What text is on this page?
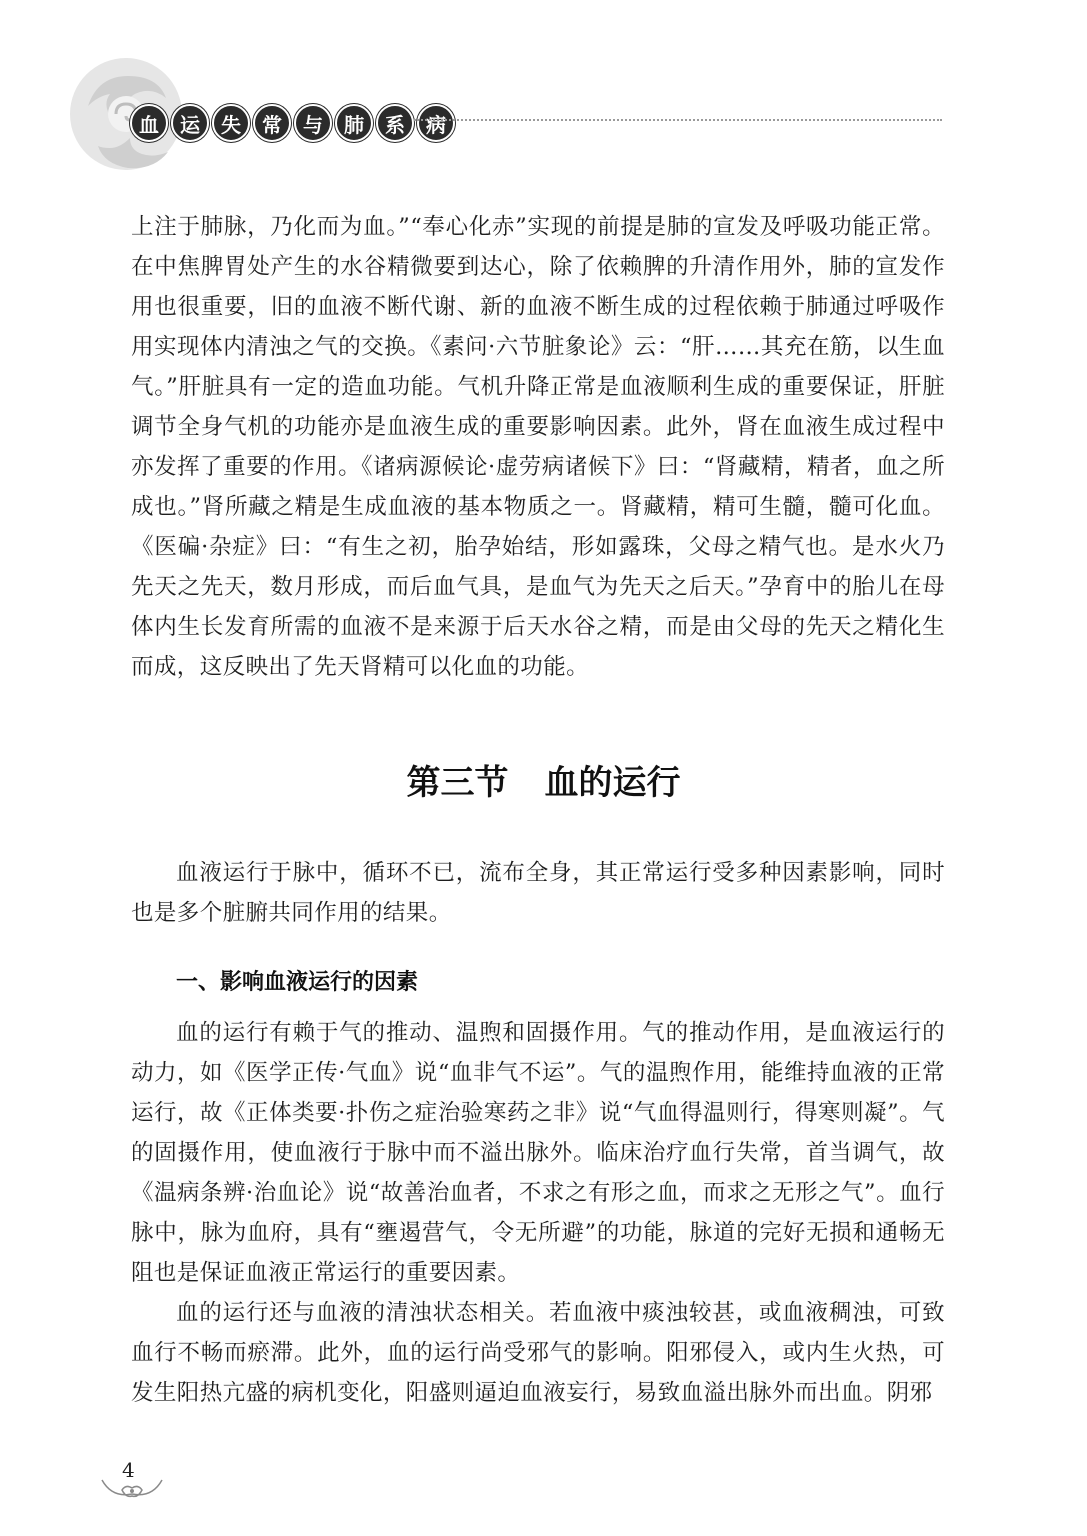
血	运	失	常	与	肺	系	病

上注于肺脉，乃化而为血。”“奉心化赤”实现的前提是肺的宣发及呼吸功能正常。在中焦脾胃处产生的水谷精微要到达心，除了依赖脾的升清作用外，肺的宣发作用也很重要，旧的血液不断代谢、新的血液不断生成的过程依赖于肺通过呼吸作用实现体内清浊之气的交换。《素问·六节脏象论》云：“肝……其充在筋，以生血气。”肝脏具有一定的造血功能。气机升降正常是血液顺利生成的重要保证，肝脏调节全身气机的功能亦是血液生成的重要影响因素。此外，肾在血液生成过程中亦发挥了重要的作用。《诸病源候论·虚劳病诸候下》曰：“肾藏精，精者，血之所成也。”肾所藏之精是生成血液的基本物质之一。肾藏精，精可生髓，髓可化血。《医碥·杂症》曰：“有生之初，胎孕始结，形如露珠，父母之精气也。是水火乃先天之先天，数月形成，而后血气具，是血气为先天之后天。”孕育中的胎儿在母体内生长发育所需的血液不是来源于后天水谷之精，而是由父母的先天之精化生而成，这反映出了先天肾精可以化血的功能。

第三节 血的运行

血液运行于脉中，循环不已，流布全身，其正常运行受多种因素影响，同时也是多个脏腑共同作用的结果。

一、影响血液运行的因素

血的运行有赖于气的推动、温煦和固摄作用。气的推动作用，是血液运行的动力，如《医学正传·气血》说“血非气不运”。气的温煦作用，能维持血液的正常运行，故《正体类要·扑伤之症治验寒药之非》说“气血得温则行，得寒则凝”。气的固摄作用，使血液行于脉中而不溢出脉外。临床治疗血行失常，首当调气，故《温病条辨·治血论》说“故善治血者，不求之有形之血，而求之无形之气”。血行脉中，脉为血府，具有“壅遏营气，令无所避”的功能，脉道的完好无损和通畅无阻也是保证血液正常运行的重要因素。

血的运行还与血液的清浊状态相关。若血液中痰浊较甚，或血液稠浊，可致血行不畅而瘀滞。此外，血的运行尚受邪气的影响。阳邪侵入，或内生火热，可发生阳热亢盛的病机变化，阳盛则逼迫血液妄行，易致血溢出脉外而出血。阴邪

4
